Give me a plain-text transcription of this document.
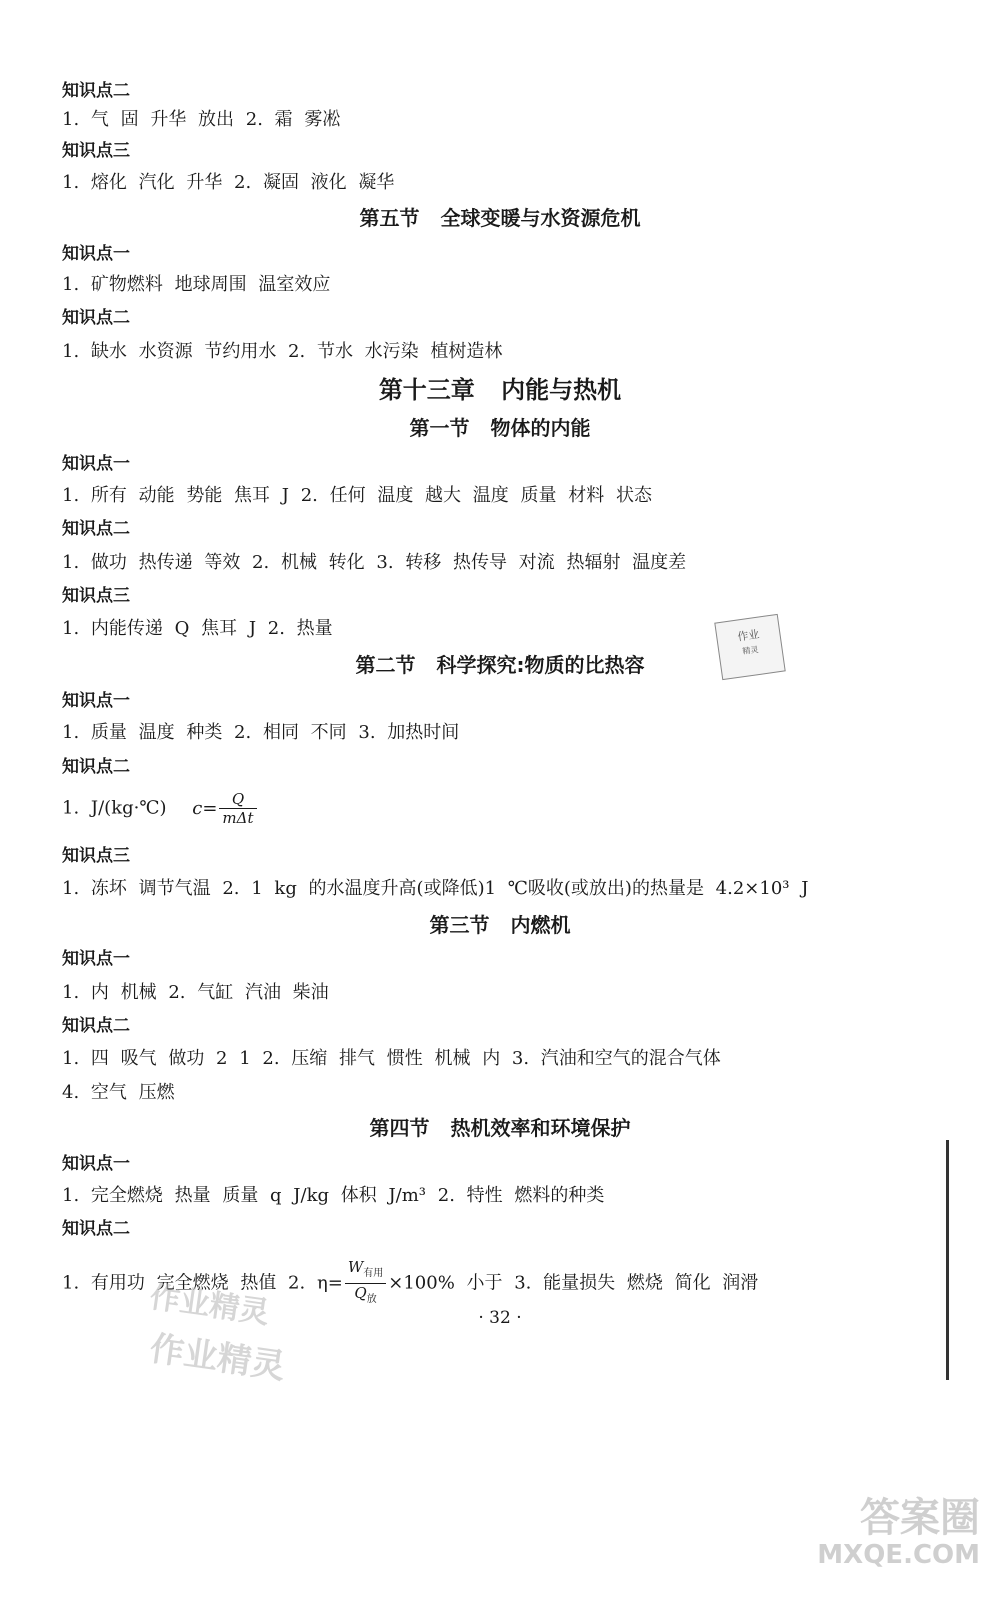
知识点二
1. 气 固 升华 放出 2. 霜 雾凇
知识点三
1. 熔化 汽化 升华 2. 凝固 液化 凝华
第五节 全球变暖与水资源危机
知识点一
1. 矿物燃料 地球周围 温室效应
知识点二
1. 缺水 水资源 节约用水 2. 节水 水污染 植树造林
第十三章 内能与热机
第一节 物体的内能
知识点一
1. 所有 动能 势能 焦耳 J 2. 任何 温度 越大 温度 质量 材料 状态
知识点二
1. 做功 热传递 等效 2. 机械 转化 3. 转移 热传导 对流 热辐射 温度差
知识点三
1. 内能传递 Q 焦耳 J 2. 热量	作业
精灵
第二节 科学探究:物质的比热容
知识点一
1. 质量 温度 种类 2. 相同 不同 3. 加热时间
知识点二
1. J/(kg·℃) $c= \frac{Q}{\text{mΔt}}$
知识点三
1. 冻坏 调节气温 2. 1 kg 的水温度升高(或降低)1 ℃吸收(或放出)的热量是 4.2×10³ J
第三节 内燃机
知识点一
1. 内 机械 2. 气缸 汽油 柴油
知识点二
1. 四 吸气 做功 2 1 2. 压缩 排气 惯性 机械 内 3. 汽油和空气的混合气体
4. 空气 压燃
第四节 热机效率和环境保护
知识点一
1. 完全燃烧 热量 质量 q J/kg 体积 J/m³ 2. 特性 燃料的种类
知识点二
1. 有用功 完全燃烧 热值 2. $\eta= \frac{W_{有用}}{Q_放} \times 100\%$ 小于 3. 能量损失 燃烧 简化 润滑
作业精灵
作业精灵
· 32 ·
答案圈
MXQE.COM
